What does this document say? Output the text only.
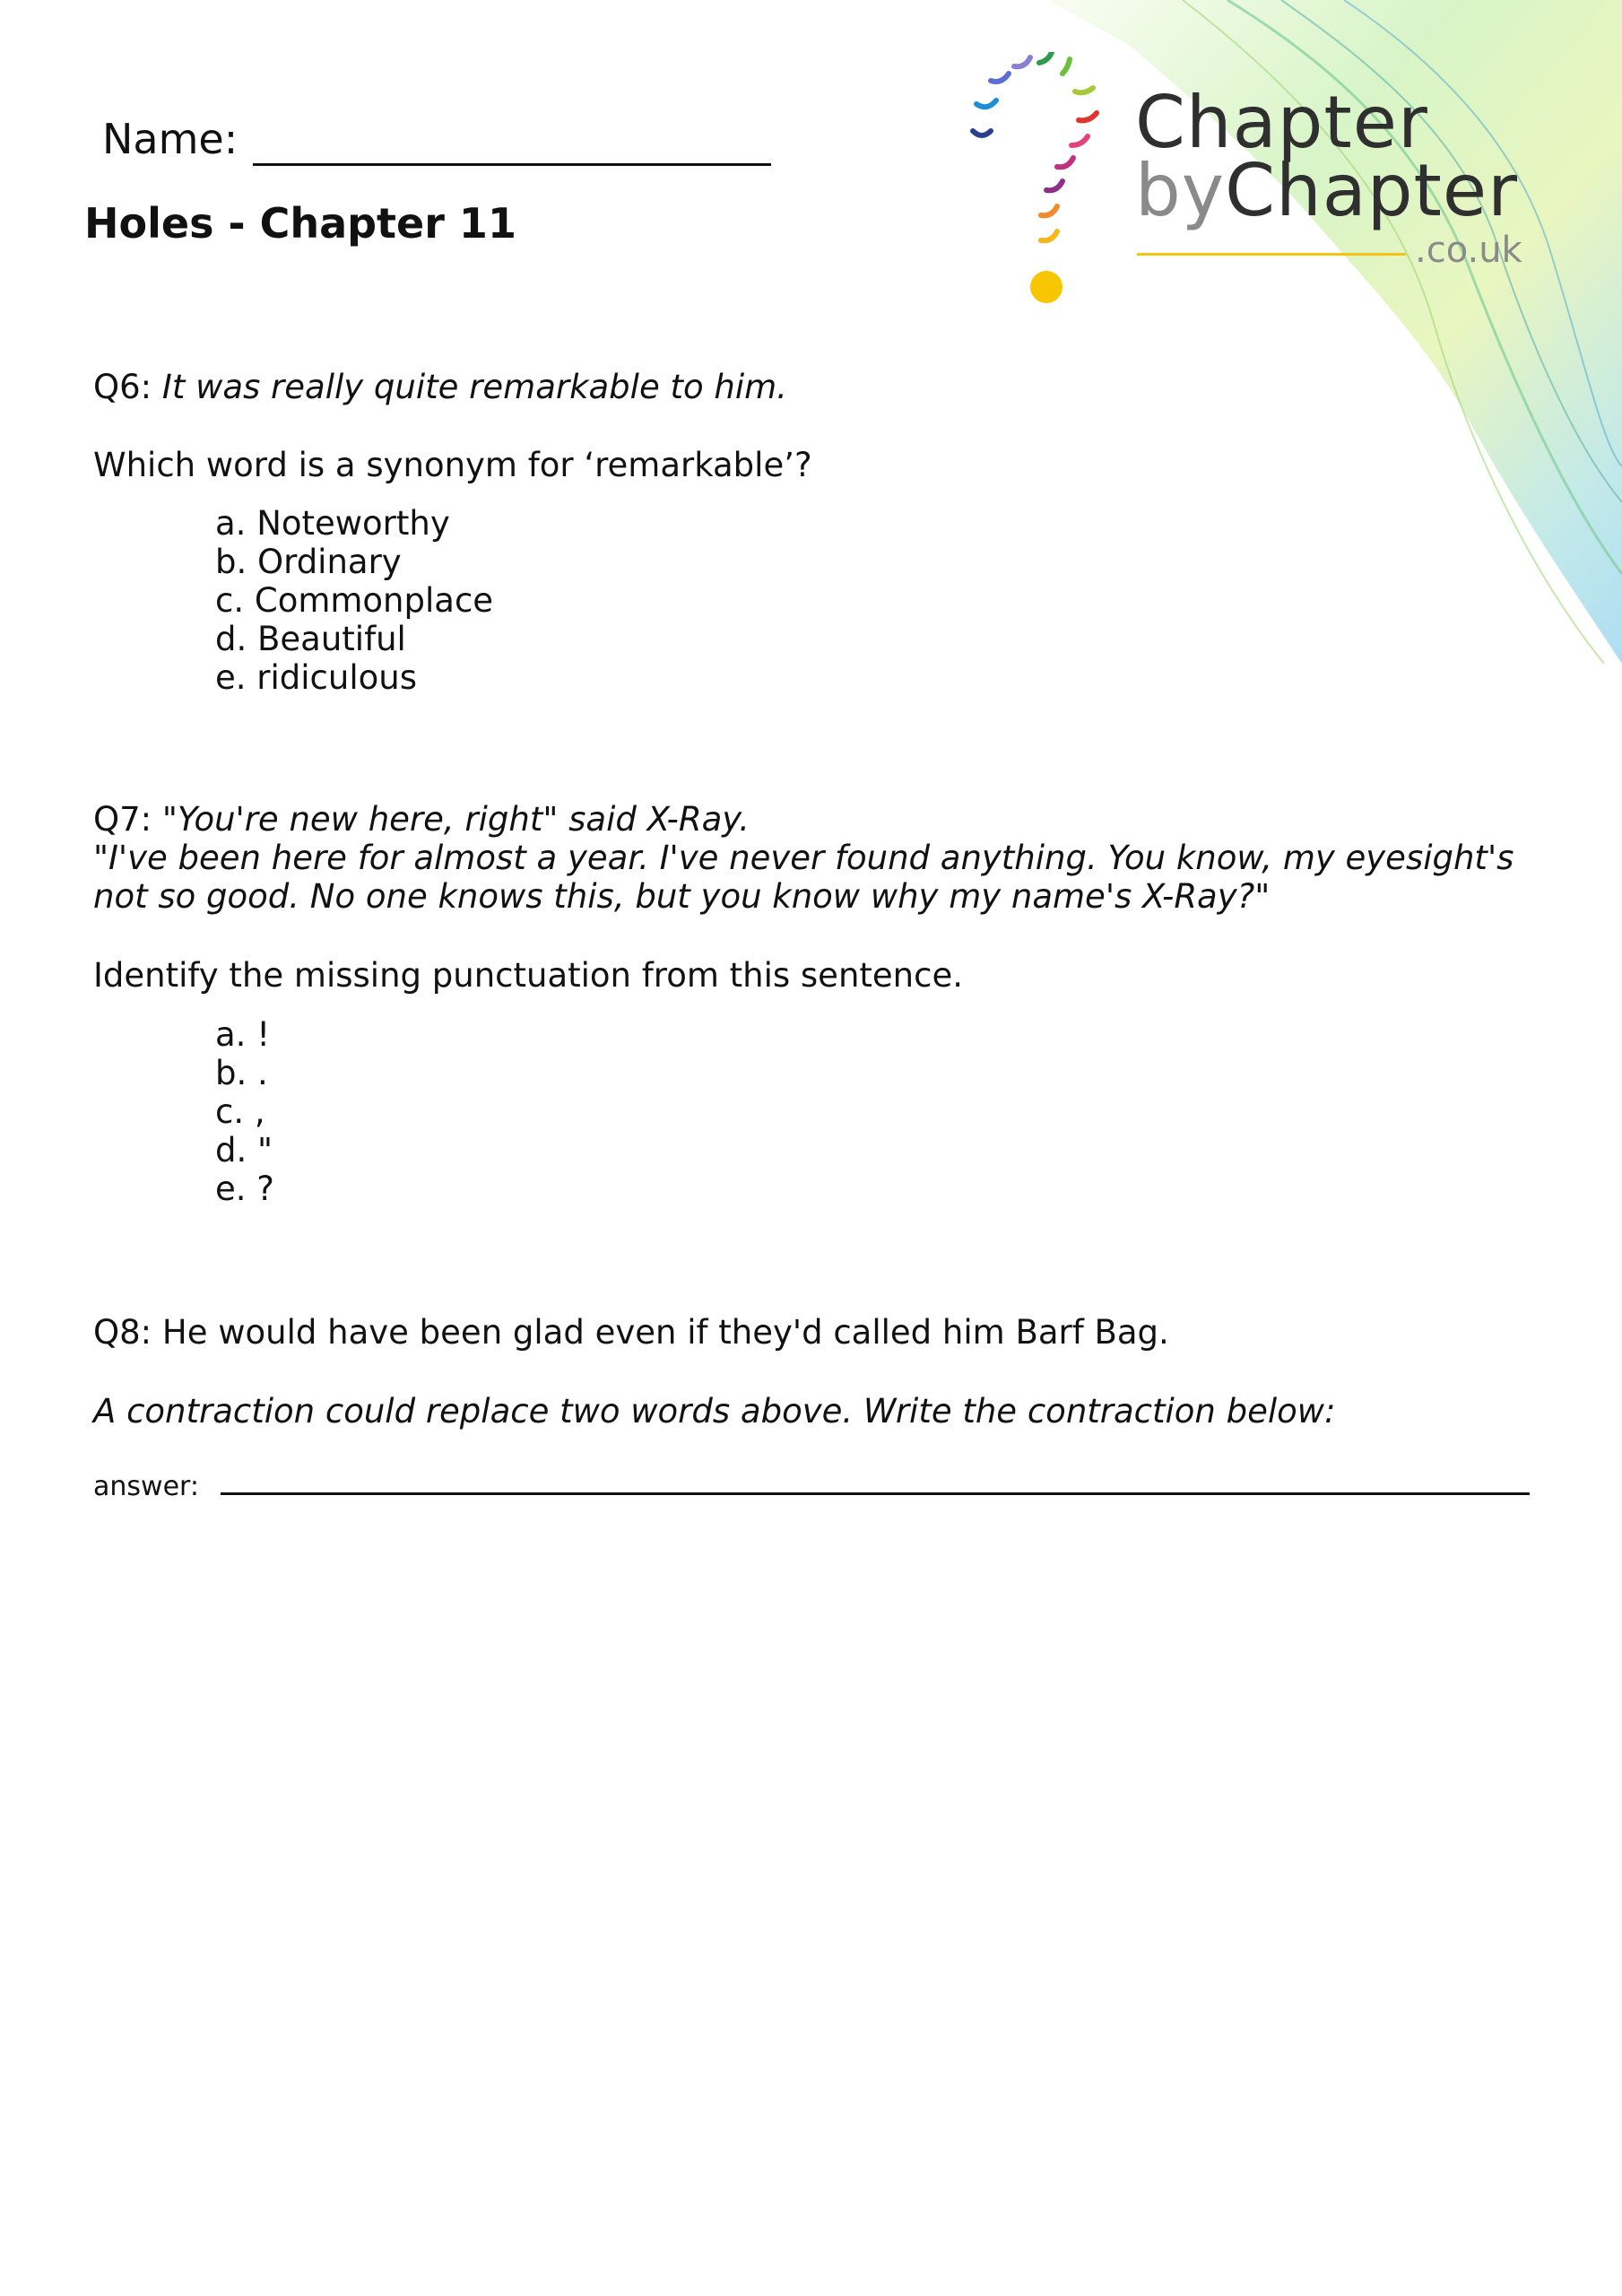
Chapter
byChapter
.co.uk
Name:
Holes - Chapter 11
Q6: It was really quite remarkable to him.
Which word is a synonym for ‘remarkable’?
a. Noteworthy
b. Ordinary
c. Commonplace
d. Beautiful
e. ridiculous
Q7: "You're new here, right" said X-Ray.
"I've been here for almost a year. I've never found anything. You know, my eyesight's
not so good. No one knows this, but you know why my name's X-Ray?"
Identify the missing punctuation from this sentence.
a. !
b. .
c. ,
d. "
e. ?
Q8: He would have been glad even if they'd called him Barf Bag.
A contraction could replace two words above. Write the contraction below:
answer:
